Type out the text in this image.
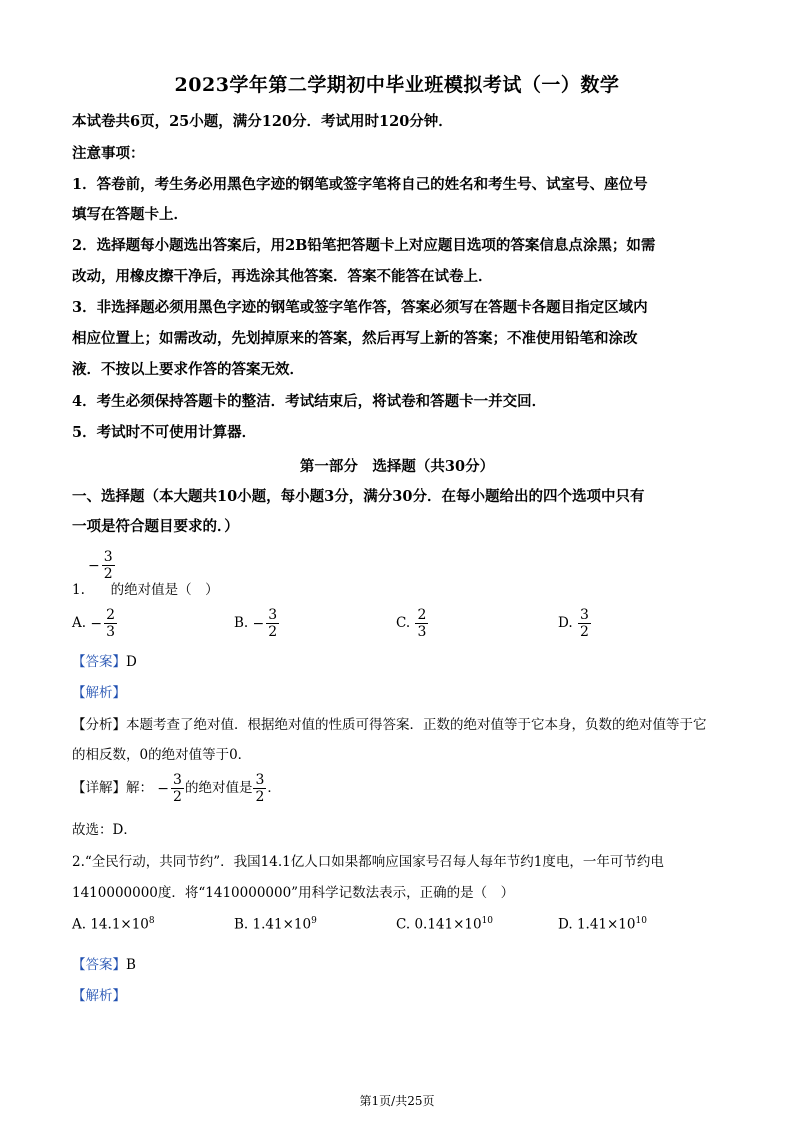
2023学年第二学期初中毕业班模拟考试（一）数学
本试卷共6页，25小题，满分120分．考试用时120分钟．
注意事项：
1．答卷前，考生务必用黑色字迹的钢笔或签字笔将自己的姓名和考生号、试室号、座位号
填写在答题卡上．
2．选择题每小题选出答案后，用2B铅笔把答题卡上对应题目选项的答案信息点涂黑；如需
改动，用橡皮擦干净后，再选涂其他答案．答案不能答在试卷上．
3．非选择题必须用黑色字迹的钢笔或签字笔作答，答案必须写在答题卡各题目指定区域内
相应位置上；如需改动，先划掉原来的答案，然后再写上新的答案；不准使用铅笔和涂改
液．不按以上要求作答的答案无效．
4．考生必须保持答题卡的整洁．考试结束后，将试卷和答题卡一并交回．
5．考试时不可使用计算器．
第一部分　选择题（共30分）
一、选择题（本大题共10小题，每小题3分，满分30分．在每小题给出的四个选项中只有
一项是符合题目要求的．）
− $\frac{3}{2}$
1. 的绝对值是（　）
A. − $\frac{2}{3}$	B. − $\frac{3}{2}$	C. $\frac{2}{3}$	D. $\frac{3}{2}$
【答案】D
【解析】
【分析】本题考查了绝对值．根据绝对值的性质可得答案．正数的绝对值等于它本身，负数的绝对值等于它
的相反数，0的绝对值等于0．
【详解】解： − $\frac{3}{2}$ 的绝对值是 $\frac{3}{2}$ ．
故选：D．
2.“全民行动，共同节约”．我国14.1亿人口如果都响应国家号召每人每年节约1度电，一年可节约电
1410000000度．将“1410000000”用科学记数法表示，正确的是（　）
A. $14.1\times 10^8$	B. $1.41\times 10^9$	C. $0.141\times 10^{10}$	D. $1.41\times 10^{10}$
【答案】B
【解析】
第1页/共25页
